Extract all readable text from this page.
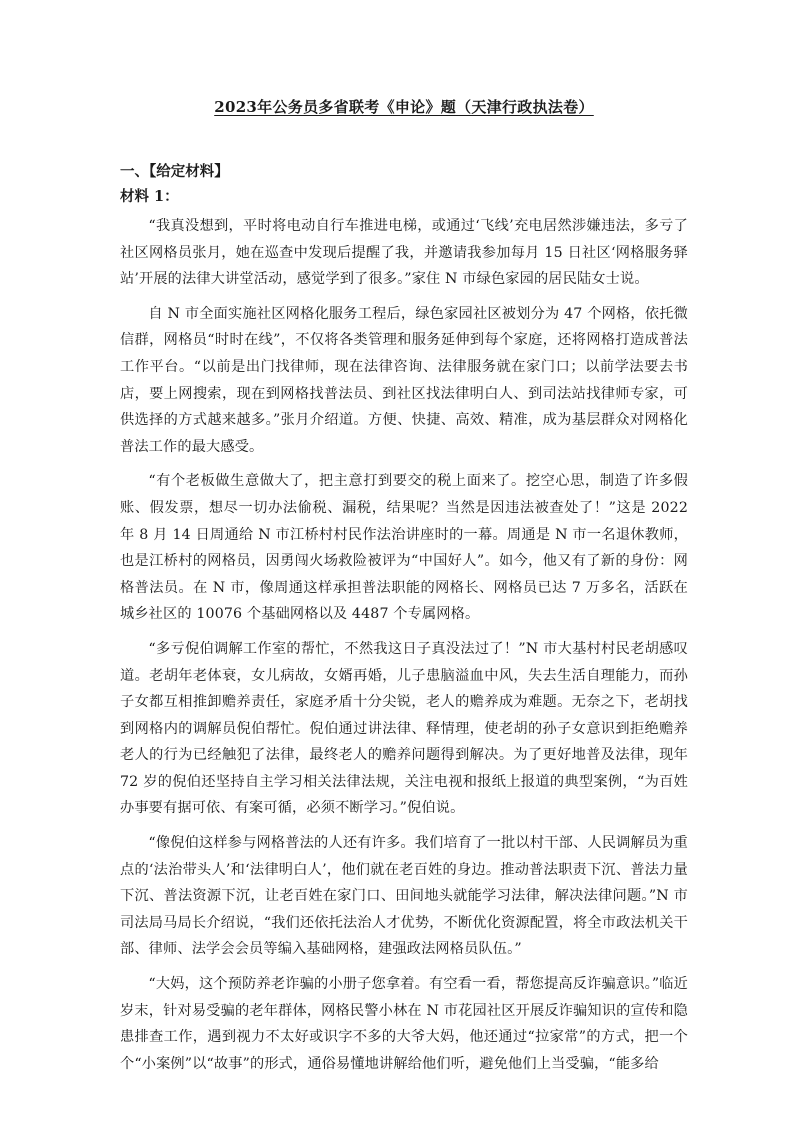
2023年公务员多省联考《申论》题（天津行政执法卷）

一、【给定材料】

材料 1：

“我真没想到，平时将电动自行车推进电梯，或通过‘飞线’充电居然涉嫌违法，多亏了社区网格员张月，她在巡查中发现后提醒了我，并邀请我参加每月 15 日社区‘网格服务驿站’开展的法律大讲堂活动，感觉学到了很多。”家住 N 市绿色家园的居民陆女士说。

自 N 市全面实施社区网格化服务工程后，绿色家园社区被划分为 47 个网格，依托微信群，网格员“时时在线”，不仅将各类管理和服务延伸到每个家庭，还将网格打造成普法工作平台。“以前是出门找律师，现在法律咨询、法律服务就在家门口；以前学法要去书店，要上网搜索，现在到网格找普法员、到社区找法律明白人、到司法站找律师专家，可供选择的方式越来越多。”张月介绍道。方便、快捷、高效、精准，成为基层群众对网格化普法工作的最大感受。

“有个老板做生意做大了，把主意打到要交的税上面来了。挖空心思，制造了许多假账、假发票，想尽一切办法偷税、漏税，结果呢？当然是因违法被查处了！”这是 2022 年 8 月 14 日周通给 N 市江桥村村民作法治讲座时的一幕。周通是 N 市一名退休教师，也是江桥村的网格员，因勇闯火场救险被评为“中国好人”。如今，他又有了新的身份：网格普法员。在 N 市，像周通这样承担普法职能的网格长、网格员已达 7 万多名，活跃在城乡社区的 10076 个基础网格以及 4487 个专属网格。

“多亏倪伯调解工作室的帮忙，不然我这日子真没法过了！”N 市大基村村民老胡感叹道。老胡年老体衰，女儿病故，女婿再婚，儿子患脑溢血中风，失去生活自理能力，而孙子女都互相推卸赡养责任，家庭矛盾十分尖锐，老人的赡养成为难题。无奈之下，老胡找到网格内的调解员倪伯帮忙。倪伯通过讲法律、释情理，使老胡的孙子女意识到拒绝赡养老人的行为已经触犯了法律，最终老人的赡养问题得到解决。为了更好地普及法律，现年 72 岁的倪伯还坚持自主学习相关法律法规，关注电视和报纸上报道的典型案例，“为百姓办事要有据可依、有案可循，必须不断学习。”倪伯说。

“像倪伯这样参与网格普法的人还有许多。我们培育了一批以村干部、人民调解员为重点的‘法治带头人’和‘法律明白人’，他们就在老百姓的身边。推动普法职责下沉、普法力量下沉、普法资源下沉，让老百姓在家门口、田间地头就能学习法律，解决法律问题。”N 市司法局马局长介绍说，“我们还依托法治人才优势，不断优化资源配置，将全市政法机关干部、律师、法学会会员等编入基础网格，建强政法网格员队伍。”

“大妈，这个预防养老诈骗的小册子您拿着。有空看一看，帮您提高反诈骗意识。”临近岁末，针对易受骗的老年群体，网格民警小林在 N 市花园社区开展反诈骗知识的宣传和隐患排查工作，遇到视力不太好或识字不多的大爷大妈，他还通过“拉家常”的方式，把一个个“小案例”以“故事”的形式，通俗易懂地讲解给他们听，避免他们上当受骗，“能多给
